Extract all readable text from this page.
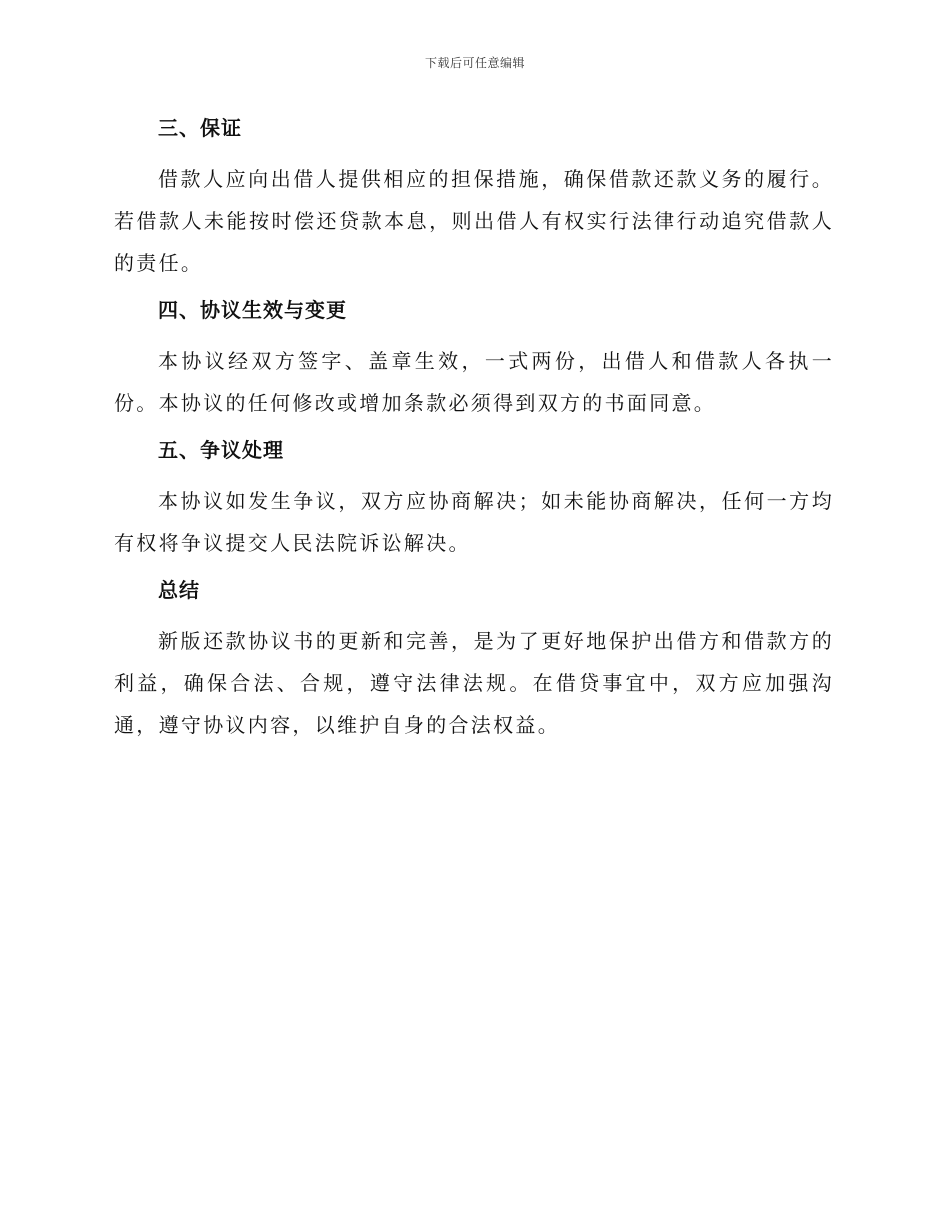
下载后可任意编辑
三、保证

借款人应向出借人提供相应的担保措施，确保借款还款义务的履行。若借款人未能按时偿还贷款本息，则出借人有权实行法律行动追究借款人的责任。

四、协议生效与变更

本协议经双方签字、盖章生效，一式两份，出借人和借款人各执一份。本协议的任何修改或增加条款必须得到双方的书面同意。

五、争议处理

本协议如发生争议，双方应协商解决；如未能协商解决，任何一方均有权将争议提交人民法院诉讼解决。

总结

新版还款协议书的更新和完善，是为了更好地保护出借方和借款方的利益，确保合法、合规，遵守法律法规。在借贷事宜中，双方应加强沟通，遵守协议内容，以维护自身的合法权益。
